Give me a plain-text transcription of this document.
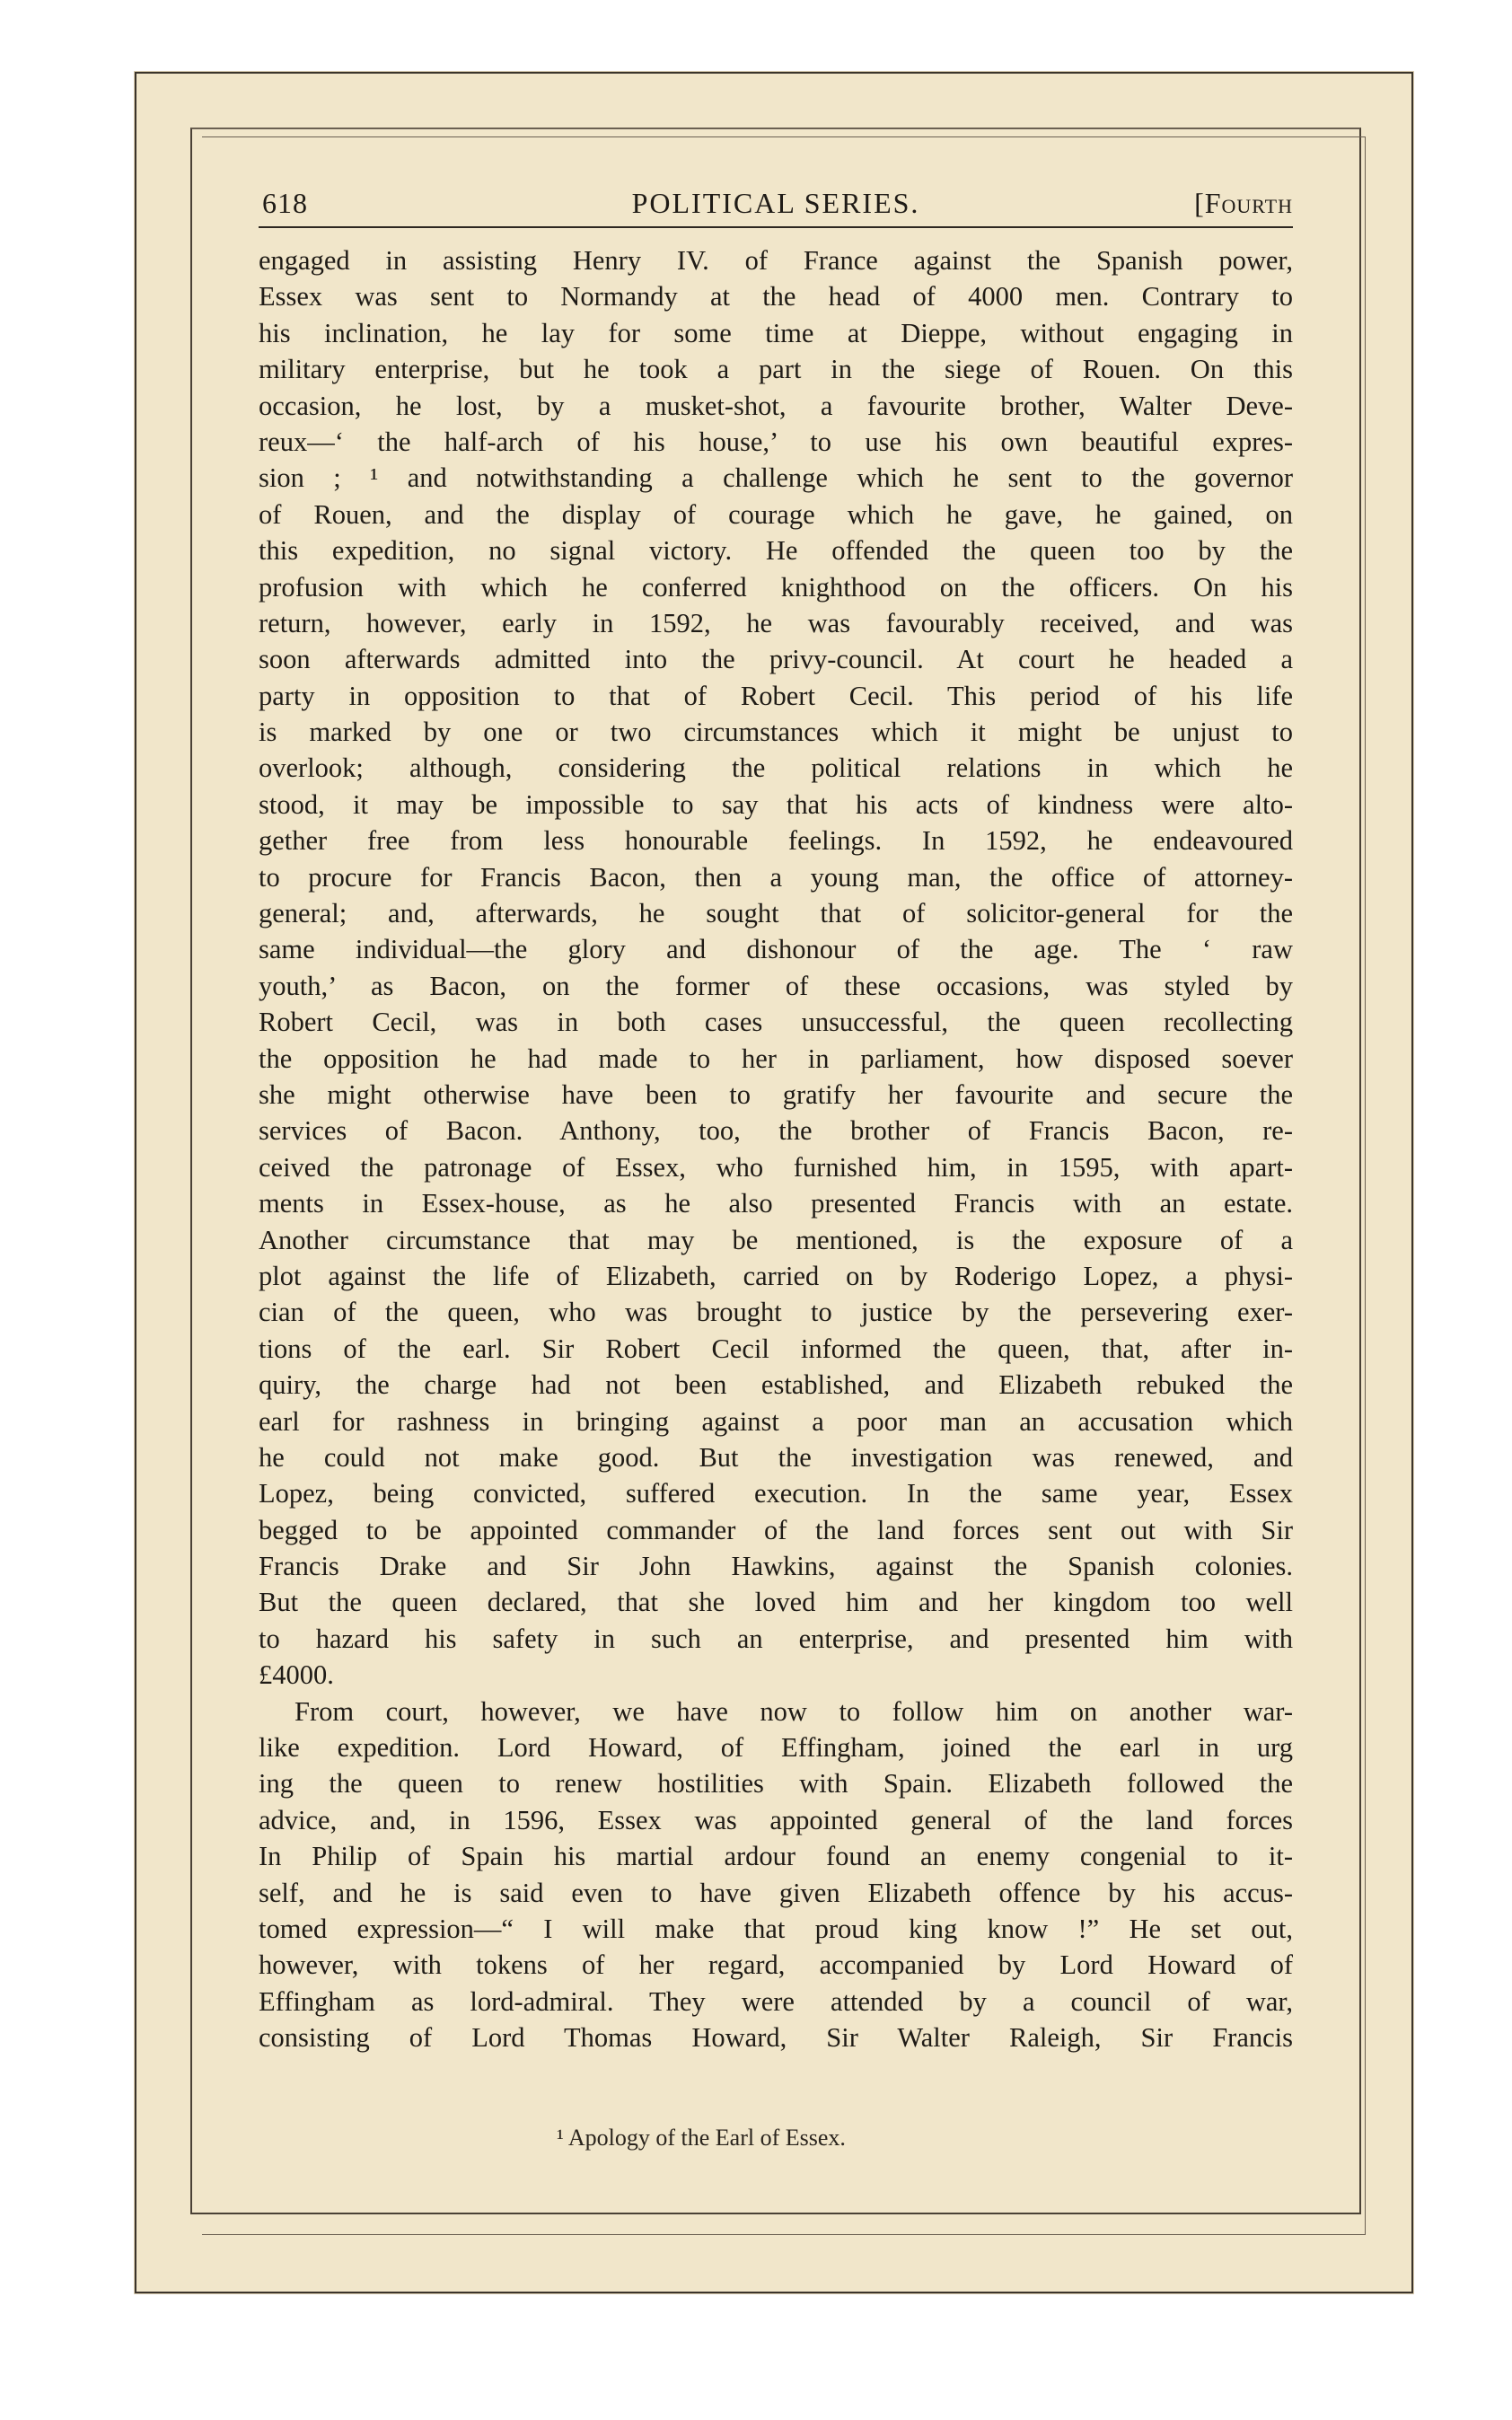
618	POLITICAL SERIES.	[Fourth
engaged in assisting Henry IV. of France against the Spanish power,
Essex was sent to Normandy at the head of 4000 men. Contrary to
his inclination, he lay for some time at Dieppe, without engaging in
military enterprise, but he took a part in the siege of Rouen. On this
occasion, he lost, by a musket-shot, a favourite brother, Walter Deve-
reux—‘ the half-arch of his house,’ to use his own beautiful expres-
sion ; ¹ and notwithstanding a challenge which he sent to the governor
of Rouen, and the display of courage which he gave, he gained, on
this expedition, no signal victory. He offended the queen too by the
profusion with which he conferred knighthood on the officers. On his
return, however, early in 1592, he was favourably received, and was
soon afterwards admitted into the privy-council. At court he headed a
party in opposition to that of Robert Cecil. This period of his life
is marked by one or two circumstances which it might be unjust to
overlook; although, considering the political relations in which he
stood, it may be impossible to say that his acts of kindness were alto-
gether free from less honourable feelings. In 1592, he endeavoured
to procure for Francis Bacon, then a young man, the office of attorney-
general; and, afterwards, he sought that of solicitor-general for the
same individual—the glory and dishonour of the age. The ‘ raw
youth,’ as Bacon, on the former of these occasions, was styled by
Robert Cecil, was in both cases unsuccessful, the queen recollecting
the opposition he had made to her in parliament, how disposed soever
she might otherwise have been to gratify her favourite and secure the
services of Bacon. Anthony, too, the brother of Francis Bacon, re-
ceived the patronage of Essex, who furnished him, in 1595, with apart-
ments in Essex-house, as he also presented Francis with an estate.
Another circumstance that may be mentioned, is the exposure of a
plot against the life of Elizabeth, carried on by Roderigo Lopez, a physi-
cian of the queen, who was brought to justice by the persevering exer-
tions of the earl. Sir Robert Cecil informed the queen, that, after in-
quiry, the charge had not been established, and Elizabeth rebuked the
earl for rashness in bringing against a poor man an accusation which
he could not make good. But the investigation was renewed, and
Lopez, being convicted, suffered execution. In the same year, Essex
begged to be appointed commander of the land forces sent out with Sir
Francis Drake and Sir John Hawkins, against the Spanish colonies.
But the queen declared, that she loved him and her kingdom too well
to hazard his safety in such an enterprise, and presented him with
£4000.
From court, however, we have now to follow him on another war-
like expedition. Lord Howard, of Effingham, joined the earl in urg
ing the queen to renew hostilities with Spain. Elizabeth followed the
advice, and, in 1596, Essex was appointed general of the land forces
In Philip of Spain his martial ardour found an enemy congenial to it-
self, and he is said even to have given Elizabeth offence by his accus-
tomed expression—“ I will make that proud king know !” He set out,
however, with tokens of her regard, accompanied by Lord Howard of
Effingham as lord-admiral. They were attended by a council of war,
consisting of Lord Thomas Howard, Sir Walter Raleigh, Sir Francis
¹ Apology of the Earl of Essex.
